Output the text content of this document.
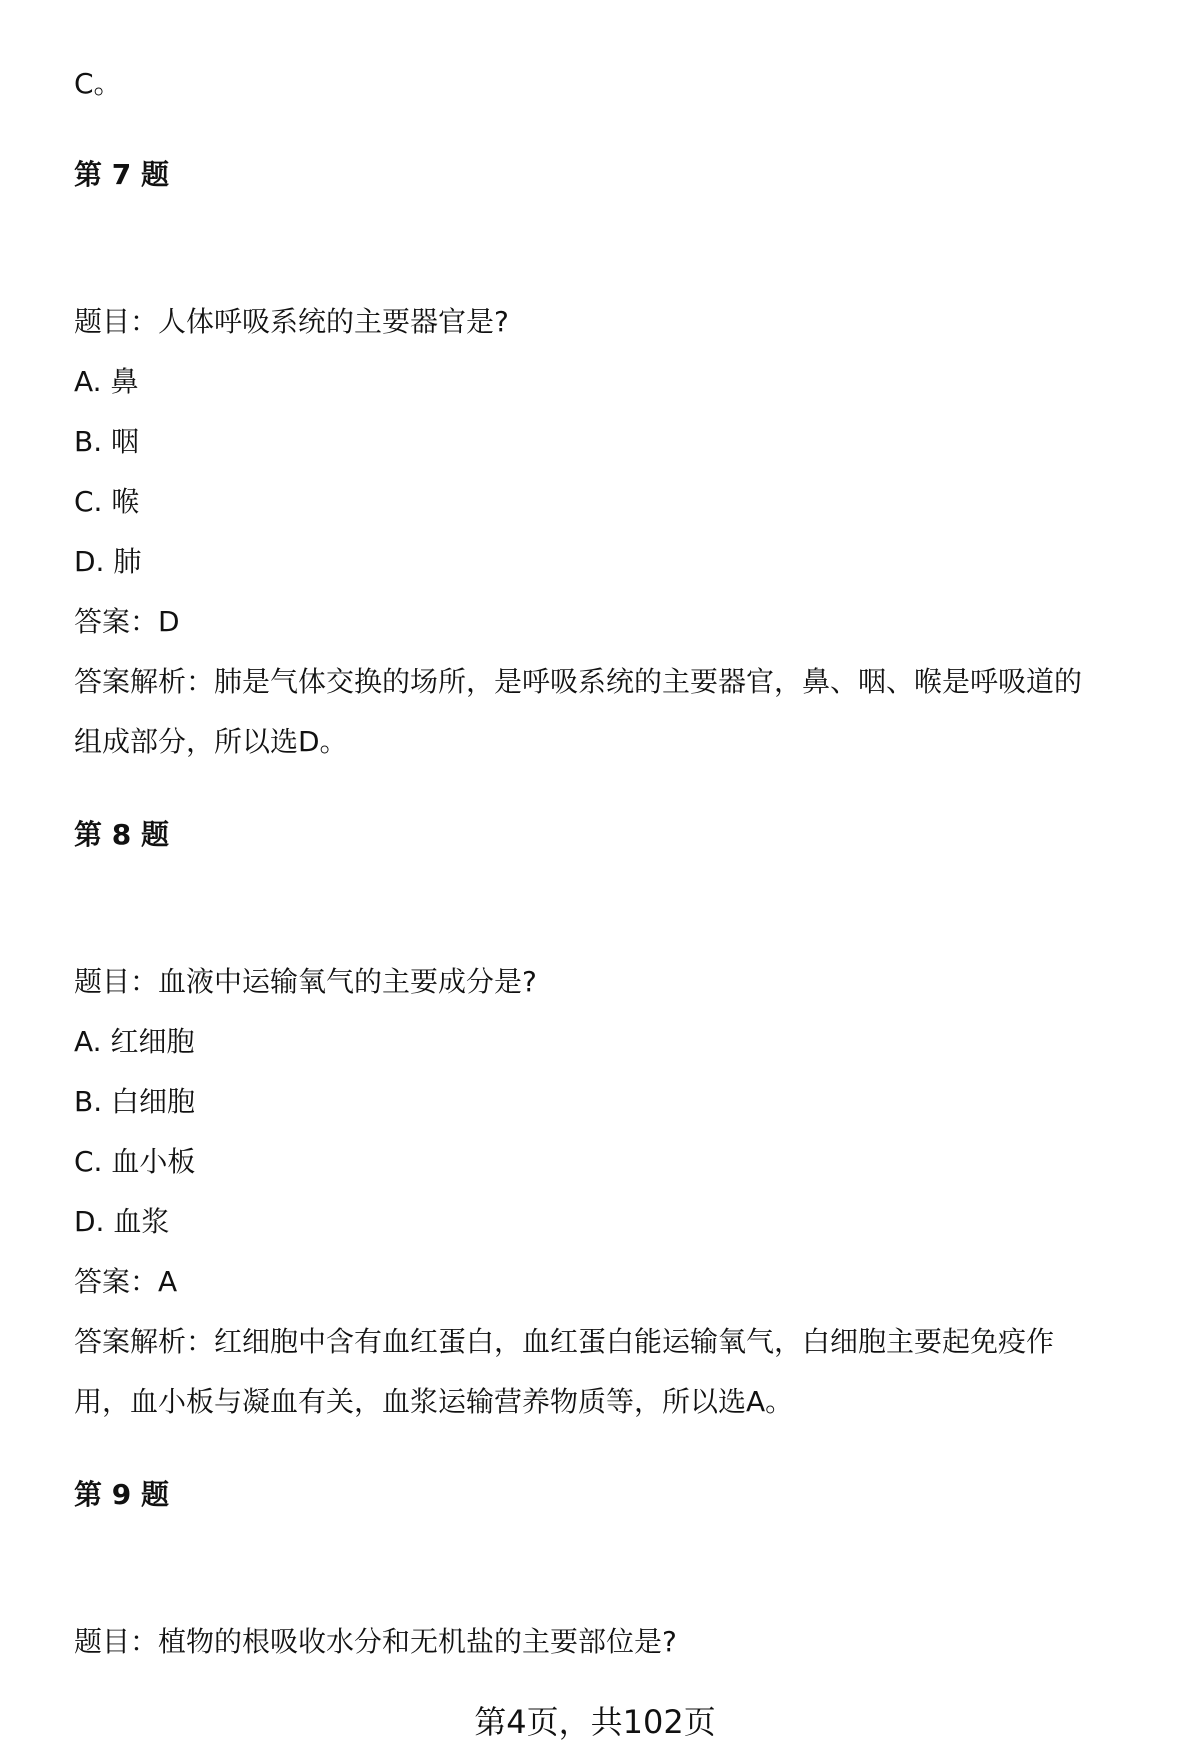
C。
第 7 题
题目：人体呼吸系统的主要器官是?
A. 鼻
B. 咽
C. 喉
D. 肺
答案：D
答案解析：肺是气体交换的场所，是呼吸系统的主要器官，鼻、咽、喉是呼吸道的
组成部分，所以选D。
第 8 题
题目：血液中运输氧气的主要成分是?
A. 红细胞
B. 白细胞
C. 血小板
D. 血浆
答案：A
答案解析：红细胞中含有血红蛋白，血红蛋白能运输氧气，白细胞主要起免疫作
用，血小板与凝血有关，血浆运输营养物质等，所以选A。
第 9 题
题目：植物的根吸收水分和无机盐的主要部位是?
第4页，共102页
